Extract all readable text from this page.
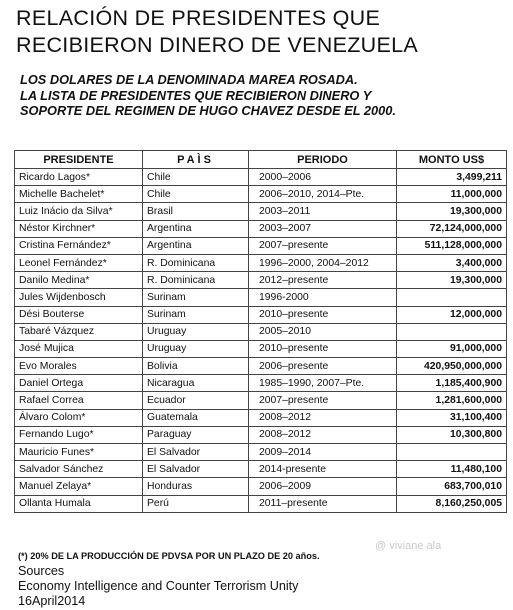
RELACIÓN DE PRESIDENTES QUE
RECIBIERON DINERO DE VENEZUELA
LOS DOLARES DE LA DENOMINADA MAREA ROSADA.
LA LISTA DE PRESIDENTES QUE RECIBIERON DINERO Y
SOPORTE DEL REGIMEN DE HUGO CHAVEZ DESDE EL 2000.
PRESIDENTE	PAÌS	PERIODO	MONTO US$
Ricardo Lagos*	Chile	2000–2006	3,499,211
Michelle Bachelet*	Chile	2006–2010, 2014–Pte.	11,000,000
Luiz Inácio da Silva*	Brasil	2003–2011	19,300,000
Néstor Kirchner*	Argentina	2003–2007	72,124,000,000
Cristina Fernández*	Argentina	2007–presente	511,128,000,000
Leonel Fernández*	R. Dominicana	1996–2000, 2004–2012	3,400,000
Danilo Medina*	R. Dominicana	2012–presente	19,300,000
Jules Wijdenbosch	Surinam	1996-2000	
Dési Bouterse	Surinam	2010–presente	12,000,000
Tabaré Vázquez	Uruguay	2005–2010	
José Mujica	Uruguay	2010–presente	91,000,000
Evo Morales	Bolivia	2006–presente	420,950,000,000
Daniel Ortega	Nicaragua	1985–1990, 2007–Pte.	1,185,400,900
Rafael Correa	Ecuador	2007–presente	1,281,600,000
Álvaro Colom*	Guatemala	2008–2012	31,100,400
Fernando Lugo*	Paraguay	2008–2012	10,300,800
Mauricio Funes*	El Salvador	2009–2014	
Salvador Sánchez	El Salvador	2014-presente	11,480,100
Manuel Zelaya*	Honduras	2006–2009	683,700,010
Ollanta Humala	Perú	2011–presente	8,160,250,005
@ viviane ala
(*) 20% DE LA PRODUCCIÓN DE PDVSA POR UN PLAZO DE 20 años.
Sources
Economy Intelligence and Counter Terrorism Unity
16April2014
